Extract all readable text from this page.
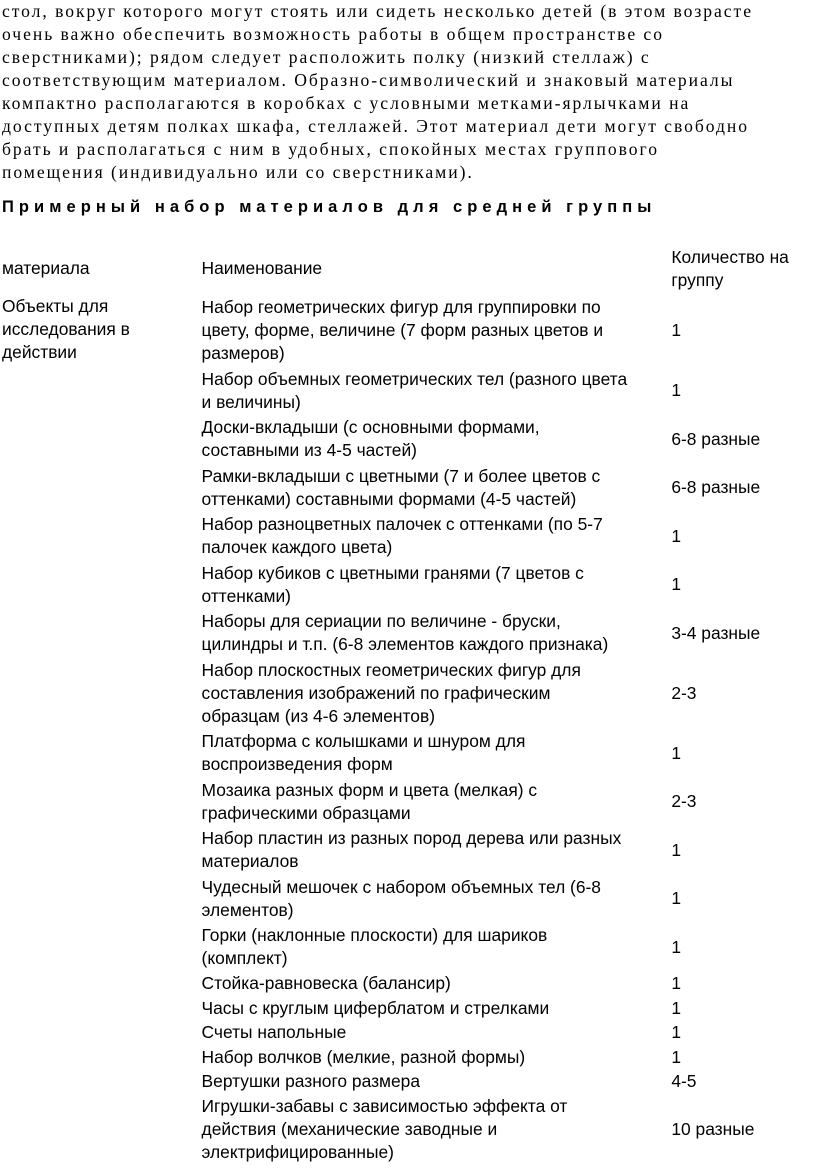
стол, вокруг которого могут стоять или сидеть несколько детей (в этом возрасте
очень важно обеспечить возможность работы в общем пространстве со
сверстниками); рядом следует расположить полку (низкий стеллаж) с
соответствующим материалом. Образно-символический и знаковый материалы
компактно располагаются в коробках с условными метками-ярлычками на
доступных детям полках шкафа, стеллажей. Этот материал дети могут свободно
брать и располагаться с ним в удобных, спокойных местах группового
помещения (индивидуально или со сверстниками).
Примерный набор материалов для средней группы
материала	Наименование	Количество на
группу

Объекты для
исследования в
действии	Набор геометрических фигур для группировки по
цвету, форме, величине (7 форм разных цветов и
размеров)	1

	Набор объемных геометрических тел (разного цвета
и величины)	1

	Доски-вкладыши (с основными формами,
составными из 4-5 частей)	6-8 разные

	Рамки-вкладыши с цветными (7 и более цветов с
оттенками) составными формами (4-5 частей)	6-8 разные

	Набор разноцветных палочек с оттенками (по 5-7
палочек каждого цвета)	1

	Набор кубиков с цветными гранями (7 цветов с
оттенками)	1

	Наборы для сериации по величине - бруски,
цилиндры и т.п. (6-8 элементов каждого признака)	3-4 разные

	Набор плоскостных геометрических фигур для
составления изображений по графическим
образцам (из 4-6 элементов)	2-3

	Платформа с колышками и шнуром для
воспроизведения форм	1

	Мозаика разных форм и цвета (мелкая) с
графическими образцами	2-3

	Набор пластин из разных пород дерева или разных
материалов	1

	Чудесный мешочек с набором объемных тел (6-8
элементов)	1

	Горки (наклонные плоскости) для шариков
(комплект)	1

	Стойка-равновеска (балансир)	1

	Часы с круглым циферблатом и стрелками	1

	Счеты напольные	1

	Набор волчков (мелкие, разной формы)	1

	Вертушки разного размера	4-5

	Игрушки-забавы с зависимостью эффекта от
действия (механические заводные и
электрифицированные)	10 разные
